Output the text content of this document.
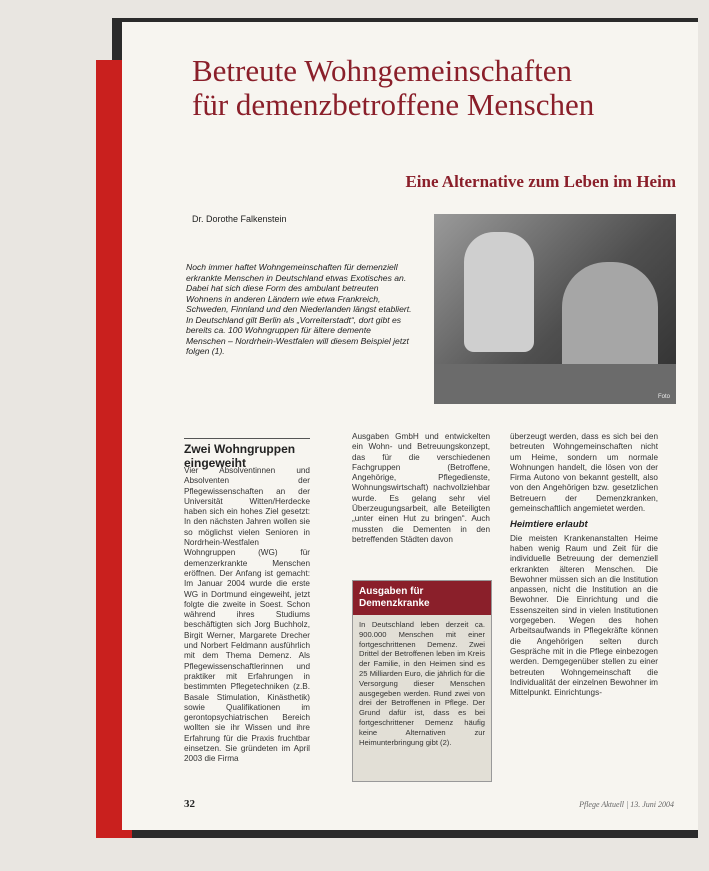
Betreute Wohngemeinschaften
für demenzbetroffene Menschen
Eine Alternative zum Leben im Heim
Dr. Dorothe Falkenstein
Noch immer haftet Wohngemeinschaften für demenziell erkrankte Menschen in Deutschland etwas Exotisches an. Dabei hat sich diese Form des ambulant betreuten Wohnens in anderen Ländern wie etwa Frankreich, Schweden, Finnland und den Niederlanden längst etabliert. In Deutschland gilt Berlin als „Vorreiterstadt“, dort gibt es bereits ca. 100 Wohngruppen für ältere demente Menschen – Nordrhein-Westfalen will diesem Beispiel jetzt folgen (1).
Foto
Zwei Wohngruppen
eingeweiht
Vier Absolventinnen und Absolventen der Pflegewissenschaften an der Universität Witten/Herdecke haben sich ein hohes Ziel gesetzt: In den nächsten Jahren wollen sie so möglichst vielen Senioren in Nordrhein-Westfalen Wohngruppen (WG) für demenzerkrankte Menschen eröffnen. Der Anfang ist gemacht: Im Januar 2004 wurde die erste WG in Dortmund eingeweiht, jetzt folgte die zweite in Soest. Schon während ihres Studiums beschäftigten sich Jorg Buchholz, Birgit Werner, Margarete Drecher und Norbert Feldmann ausführlich mit dem Thema Demenz. Als Pflegewissenschaftlerinnen und praktiker mit Erfahrungen in bestimmten Pflegetechniken (z.B. Basale Stimulation, Kinästhetik) sowie Qualifikationen im gerontopsychiatrischen Bereich wollten sie ihr Wissen und ihre Erfahrung für die Praxis fruchtbar einsetzen. Sie gründeten im April 2003 die Firma
Ausgaben GmbH und entwickelten ein Wohn- und Betreuungskonzept, das für die verschiedenen Fachgruppen (Betroffene, Angehörige, Pflegedienste, Wohnungswirtschaft) nachvollziehbar wurde. Es gelang sehr viel Überzeugungsarbeit, alle Beteiligten „unter einen Hut zu bringen“. Auch mussten die Dementen in den betreffenden Städten davon
Ausgaben für
Demenzkranke
In Deutschland leben derzeit ca. 900.000 Menschen mit einer fortgeschrittenen Demenz. Zwei Drittel der Betroffenen leben im Kreis der Familie, in den Heimen sind es 25 Milliarden Euro, die jährlich für die Versorgung dieser Menschen ausgegeben werden. Rund zwei von drei der Betroffenen in Pflege. Der Grund dafür ist, dass es bei fortgeschrittener Demenz häufig keine Alternativen zur Heimunterbringung gibt (2).
überzeugt werden, dass es sich bei den betreuten Wohngemeinschaften nicht um Heime, sondern um normale Wohnungen handelt, die lösen von der Firma Autono von bekannt gestellt, also von den Angehörigen bzw. gesetzlichen Betreuern der Demenzkranken, gemeinschaftlich angemietet werden.
Heimtiere erlaubt
Die meisten Krankenanstalten Heime haben wenig Raum und Zeit für die individuelle Betreuung der demenziell erkrankten älteren Menschen. Die Bewohner müssen sich an die Institution anpassen, nicht die Institution an die Bewohner. Die Einrichtung und die Essenszeiten sind in vielen Institutionen vorgegeben. Wegen des hohen Arbeitsaufwands in Pflegekräfte können die Angehörigen selten durch Gespräche mit in die Pflege einbezogen werden. Demgegenüber stellen zu einer betreuten Wohngemeinschaft die Individualität der einzelnen Bewohner im Mittelpunkt. Einrichtungs-
32	Pflege Aktuell | 13. Juni 2004
